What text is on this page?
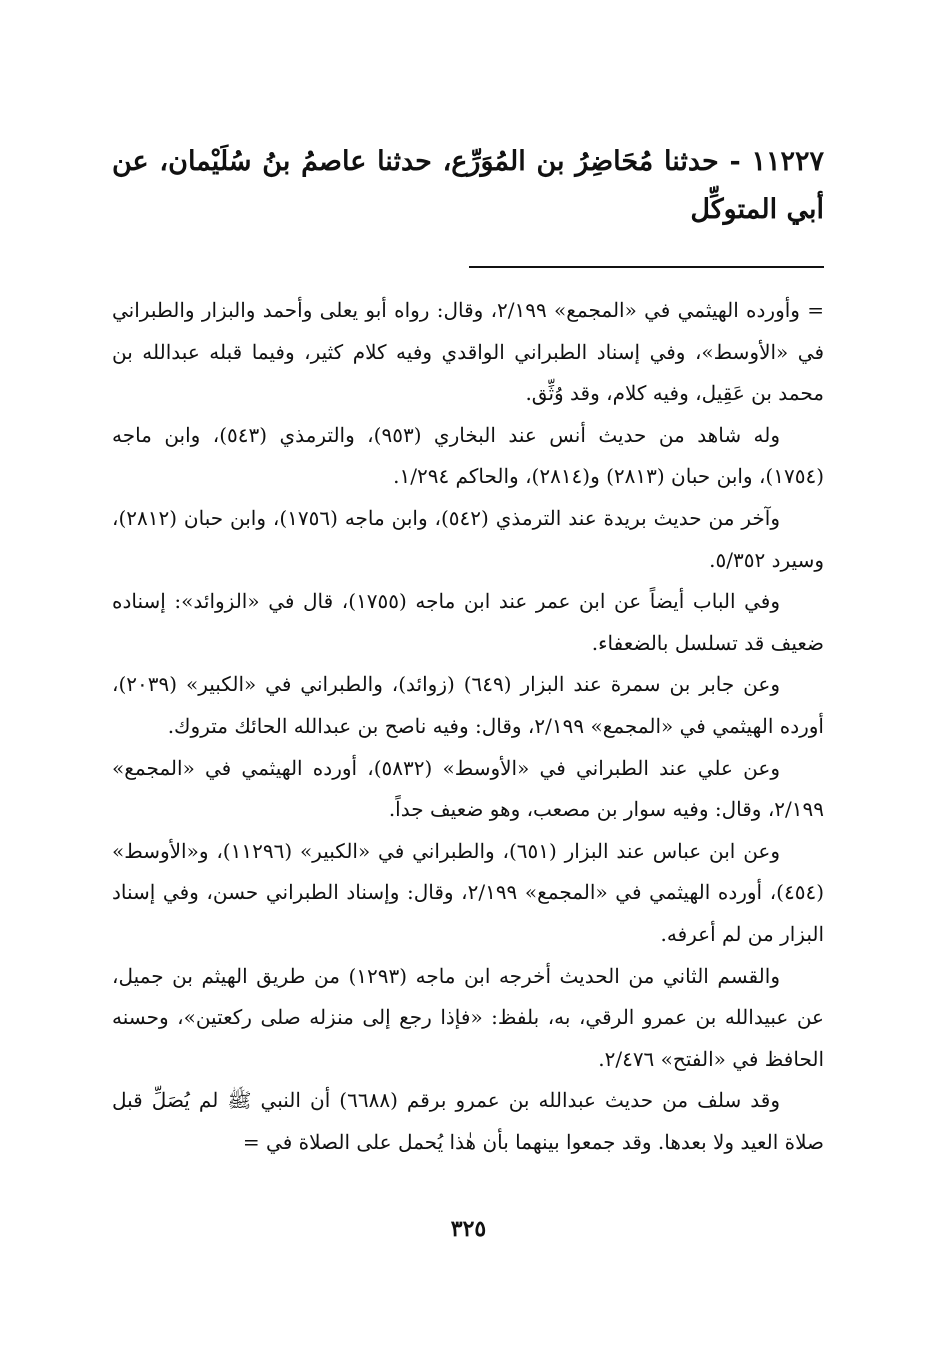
١١٢٢٧ - حدثنا مُحَاضِرُ بن المُوَرِّع، حدثنا عاصمُ بنُ سُلَيْمان، عن أبي المتوكِّل

= وأورده الهيثمي في «المجمع» ٢/١٩٩، وقال: رواه أبو يعلى وأحمد والبزار والطبراني في «الأوسط»، وفي إسناد الطبراني الواقدي وفيه كلام كثير، وفيما قبله عبدالله بن محمد بن عَقِيل، وفيه كلام، وقد وُثِّق.

وله شاهد من حديث أنس عند البخاري (٩٥٣)، والترمذي (٥٤٣)، وابن ماجه (١٧٥٤)، وابن حبان (٢٨١٣) و(٢٨١٤)، والحاكم ١/٢٩٤.

وآخر من حديث بريدة عند الترمذي (٥٤٢)، وابن ماجه (١٧٥٦)، وابن حبان (٢٨١٢)، وسيرد ٥/٣٥٢.

وفي الباب أيضاً عن ابن عمر عند ابن ماجه (١٧٥٥)، قال في «الزوائد»: إسناده ضعيف قد تسلسل بالضعفاء.

وعن جابر بن سمرة عند البزار (٦٤٩) (زوائد)، والطبراني في «الكبير» (٢٠٣٩)، أورده الهيثمي في «المجمع» ٢/١٩٩، وقال: وفيه ناصح بن عبدالله الحائك متروك.

وعن علي عند الطبراني في «الأوسط» (٥٨٣٢)، أورده الهيثمي في «المجمع» ٢/١٩٩، وقال: وفيه سوار بن مصعب، وهو ضعيف جداً.

وعن ابن عباس عند البزار (٦٥١)، والطبراني في «الكبير» (١١٢٩٦)، و«الأوسط» (٤٥٤)، أورده الهيثمي في «المجمع» ٢/١٩٩، وقال: وإسناد الطبراني حسن، وفي إسناد البزار من لم أعرفه.

والقسم الثاني من الحديث أخرجه ابن ماجه (١٢٩٣) من طريق الهيثم بن جميل، عن عبيدالله بن عمرو الرقي، به، بلفظ: «فإذا رجع إلى منزله صلى ركعتين»، وحسنه الحافظ في «الفتح» ٢/٤٧٦.

وقد سلف من حديث عبدالله بن عمرو برقم (٦٦٨٨) أن النبي ﷺ لم يُصَلِّ قبل صلاة العيد ولا بعدها. وقد جمعوا بينهما بأن هٰذا يُحمل على الصلاة في =

٣٢٥
